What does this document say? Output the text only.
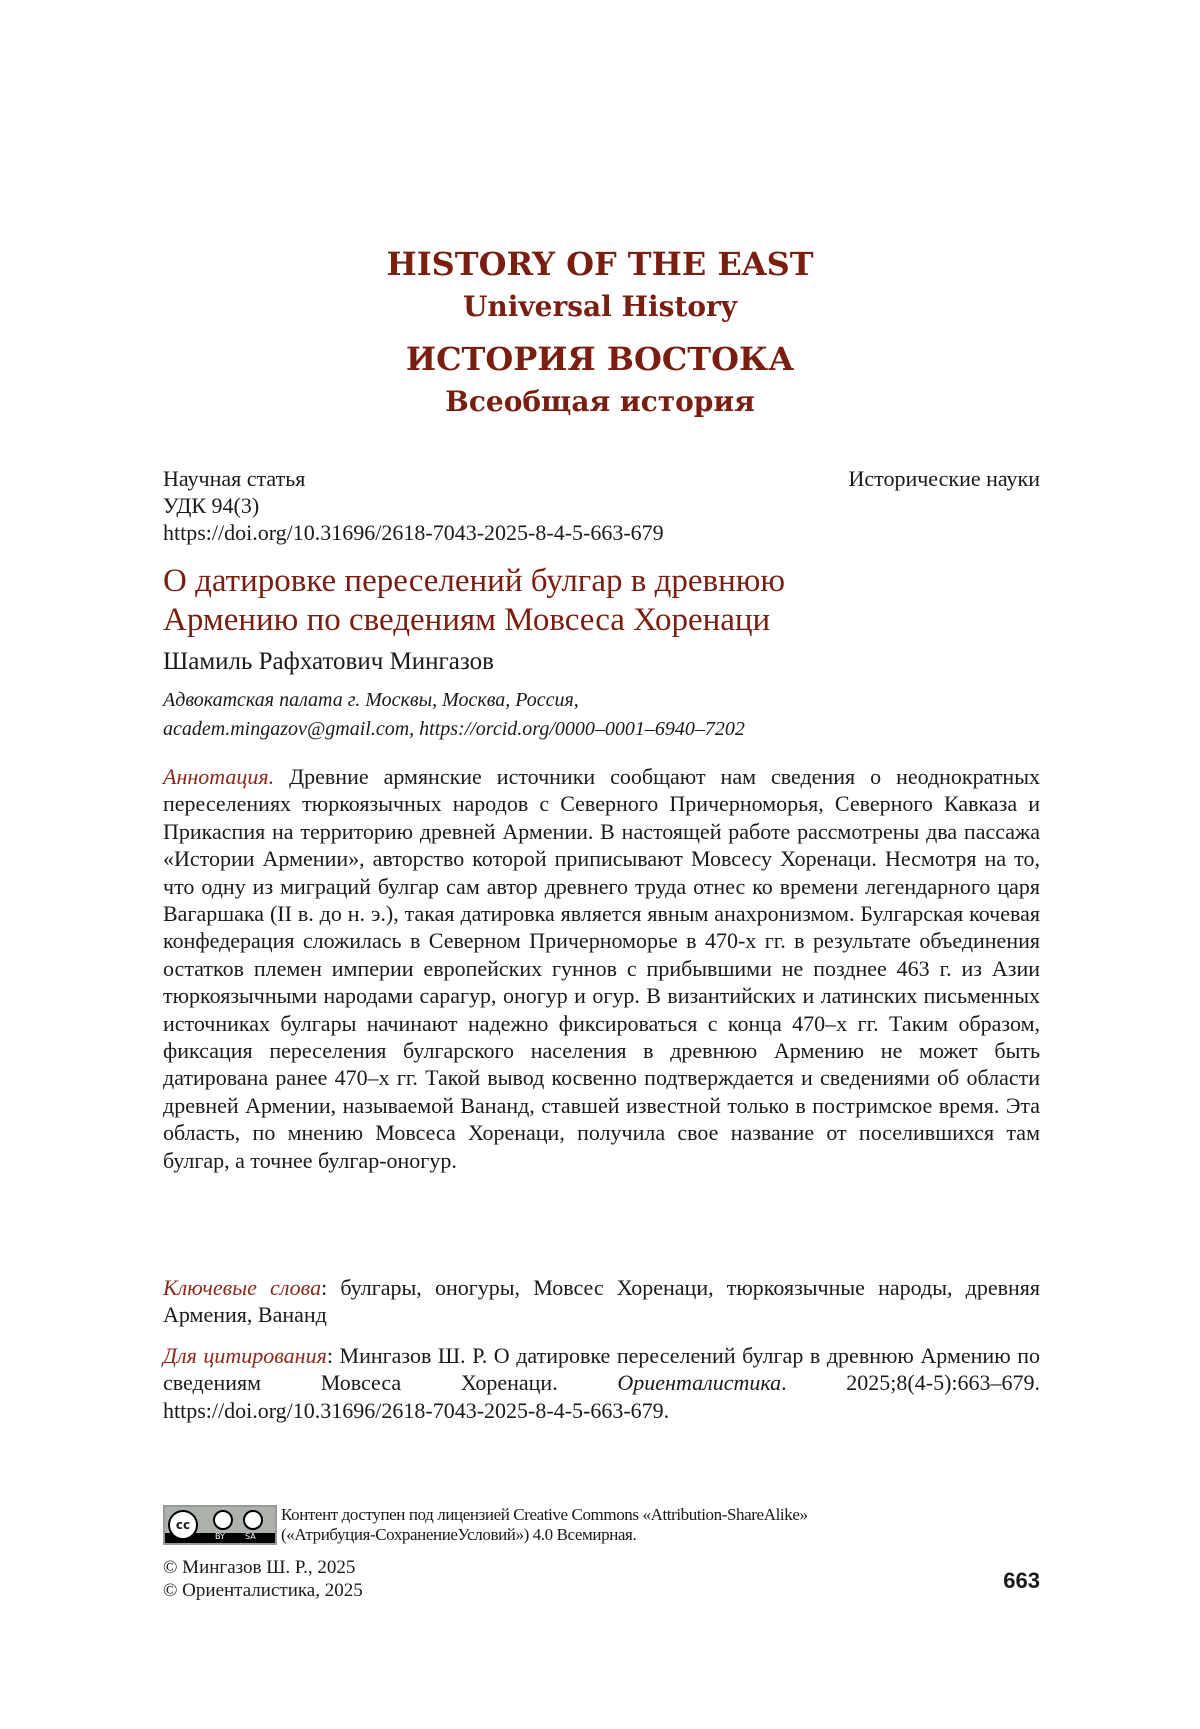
HISTORY OF THE EAST
Universal History
ИСТОРИЯ ВОСТОКА
Всеобщая история
Научная статья	Исторические науки
УДК 94(3)
https://doi.org/10.31696/2618-7043-2025-8-4-5-663-679
О датировке переселений булгар в древнюю
Армению по сведениям Мовсеса Хоренаци
Шамиль Рафхатович Мингазов
Адвокатская палата г. Москвы, Москва, Россия,
academ.mingazov@gmail.com, https://orcid.org/0000–0001–6940–7202
Аннотация. Древние армянские источники сообщают нам сведения о неоднократных переселениях тюркоязычных народов с Северного Причерноморья, Северного Кавказа и Прикаспия на территорию древней Армении. В настоящей работе рассмотрены два пассажа «Истории Армении», авторство которой приписывают Мовсесу Хоренаци. Несмотря на то, что одну из миграций булгар сам автор древнего труда отнес ко времени легендарного царя Вагаршака (II в. до н. э.), такая датировка является явным анахронизмом. Булгарская кочевая конфедерация сложилась в Северном Причерноморье в 470-х гг. в результате объединения остатков племен империи европейских гуннов с прибывшими не позднее 463 г. из Азии тюркоязычными народами сарагур, оногур и огур. В византийских и латинских письменных источниках булгары начинают надежно фиксироваться с конца 470–х гг. Таким образом, фиксация переселения булгарского населения в древнюю Армению не может быть датирована ранее 470–х гг. Такой вывод косвенно подтверждается и сведениями об области древней Армении, называемой Ванaнд, ставшей известной только в постримское время. Эта область, по мнению Мовсеса Хоренаци, получила свое название от поселившихся там булгар, а точнее булгар-оногур.
Ключевые слова: булгары, оногуры, Мовсес Хоренаци, тюркоязычные народы, древняя Армения, Ванaнд
Для цитирования: Мингазов Ш. Р. О датировке переселений булгар в древнюю Армению по сведениям Мовсеса Хоренаци. Ориенталистика. 2025;8(4-5):663–679. https://doi.org/10.31696/2618-7043-2025-8-4-5-663-679.
cc
BY	SA
Контент доступен под лицензией Creative Commons «Attribution-ShareAlike»
(«Атрибуция-СохранениеУсловий») 4.0 Всемирная.
© Мингазов Ш. Р., 2025
© Ориенталистика, 2025	663
